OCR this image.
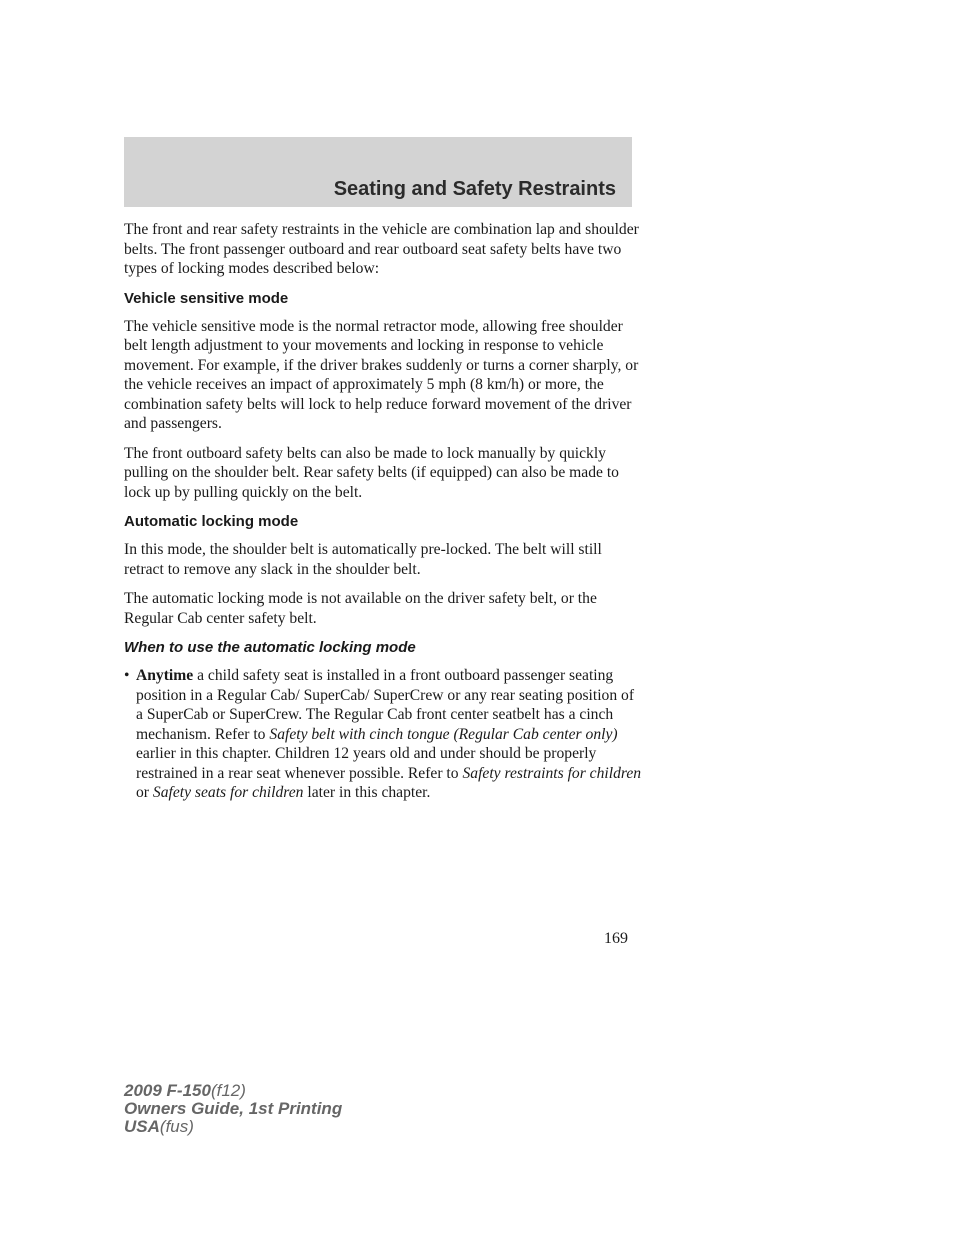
Seating and Safety Restraints

The front and rear safety restraints in the vehicle are combination lap and shoulder belts. The front passenger outboard and rear outboard seat safety belts have two types of locking modes described below:

Vehicle sensitive mode

The vehicle sensitive mode is the normal retractor mode, allowing free shoulder belt length adjustment to your movements and locking in response to vehicle movement. For example, if the driver brakes suddenly or turns a corner sharply, or the vehicle receives an impact of approximately 5 mph (8 km/h) or more, the combination safety belts will lock to help reduce forward movement of the driver and passengers.

The front outboard safety belts can also be made to lock manually by quickly pulling on the shoulder belt. Rear safety belts (if equipped) can also be made to lock up by pulling quickly on the belt.

Automatic locking mode

In this mode, the shoulder belt is automatically pre-locked. The belt will still retract to remove any slack in the shoulder belt.

The automatic locking mode is not available on the driver safety belt, or the Regular Cab center safety belt.

When to use the automatic locking mode
• Anytime a child safety seat is installed in a front outboard passenger seating position in a Regular Cab/ SuperCab/ SuperCrew or any rear seating position of a SuperCab or SuperCrew. The Regular Cab front center seatbelt has a cinch mechanism. Refer to Safety belt with cinch tongue (Regular Cab center only) earlier in this chapter. Children 12 years old and under should be properly restrained in a rear seat whenever possible. Refer to Safety restraints for children or Safety seats for children later in this chapter.
169
2009 F-150(f12)
Owners Guide, 1st Printing
USA(fus)
